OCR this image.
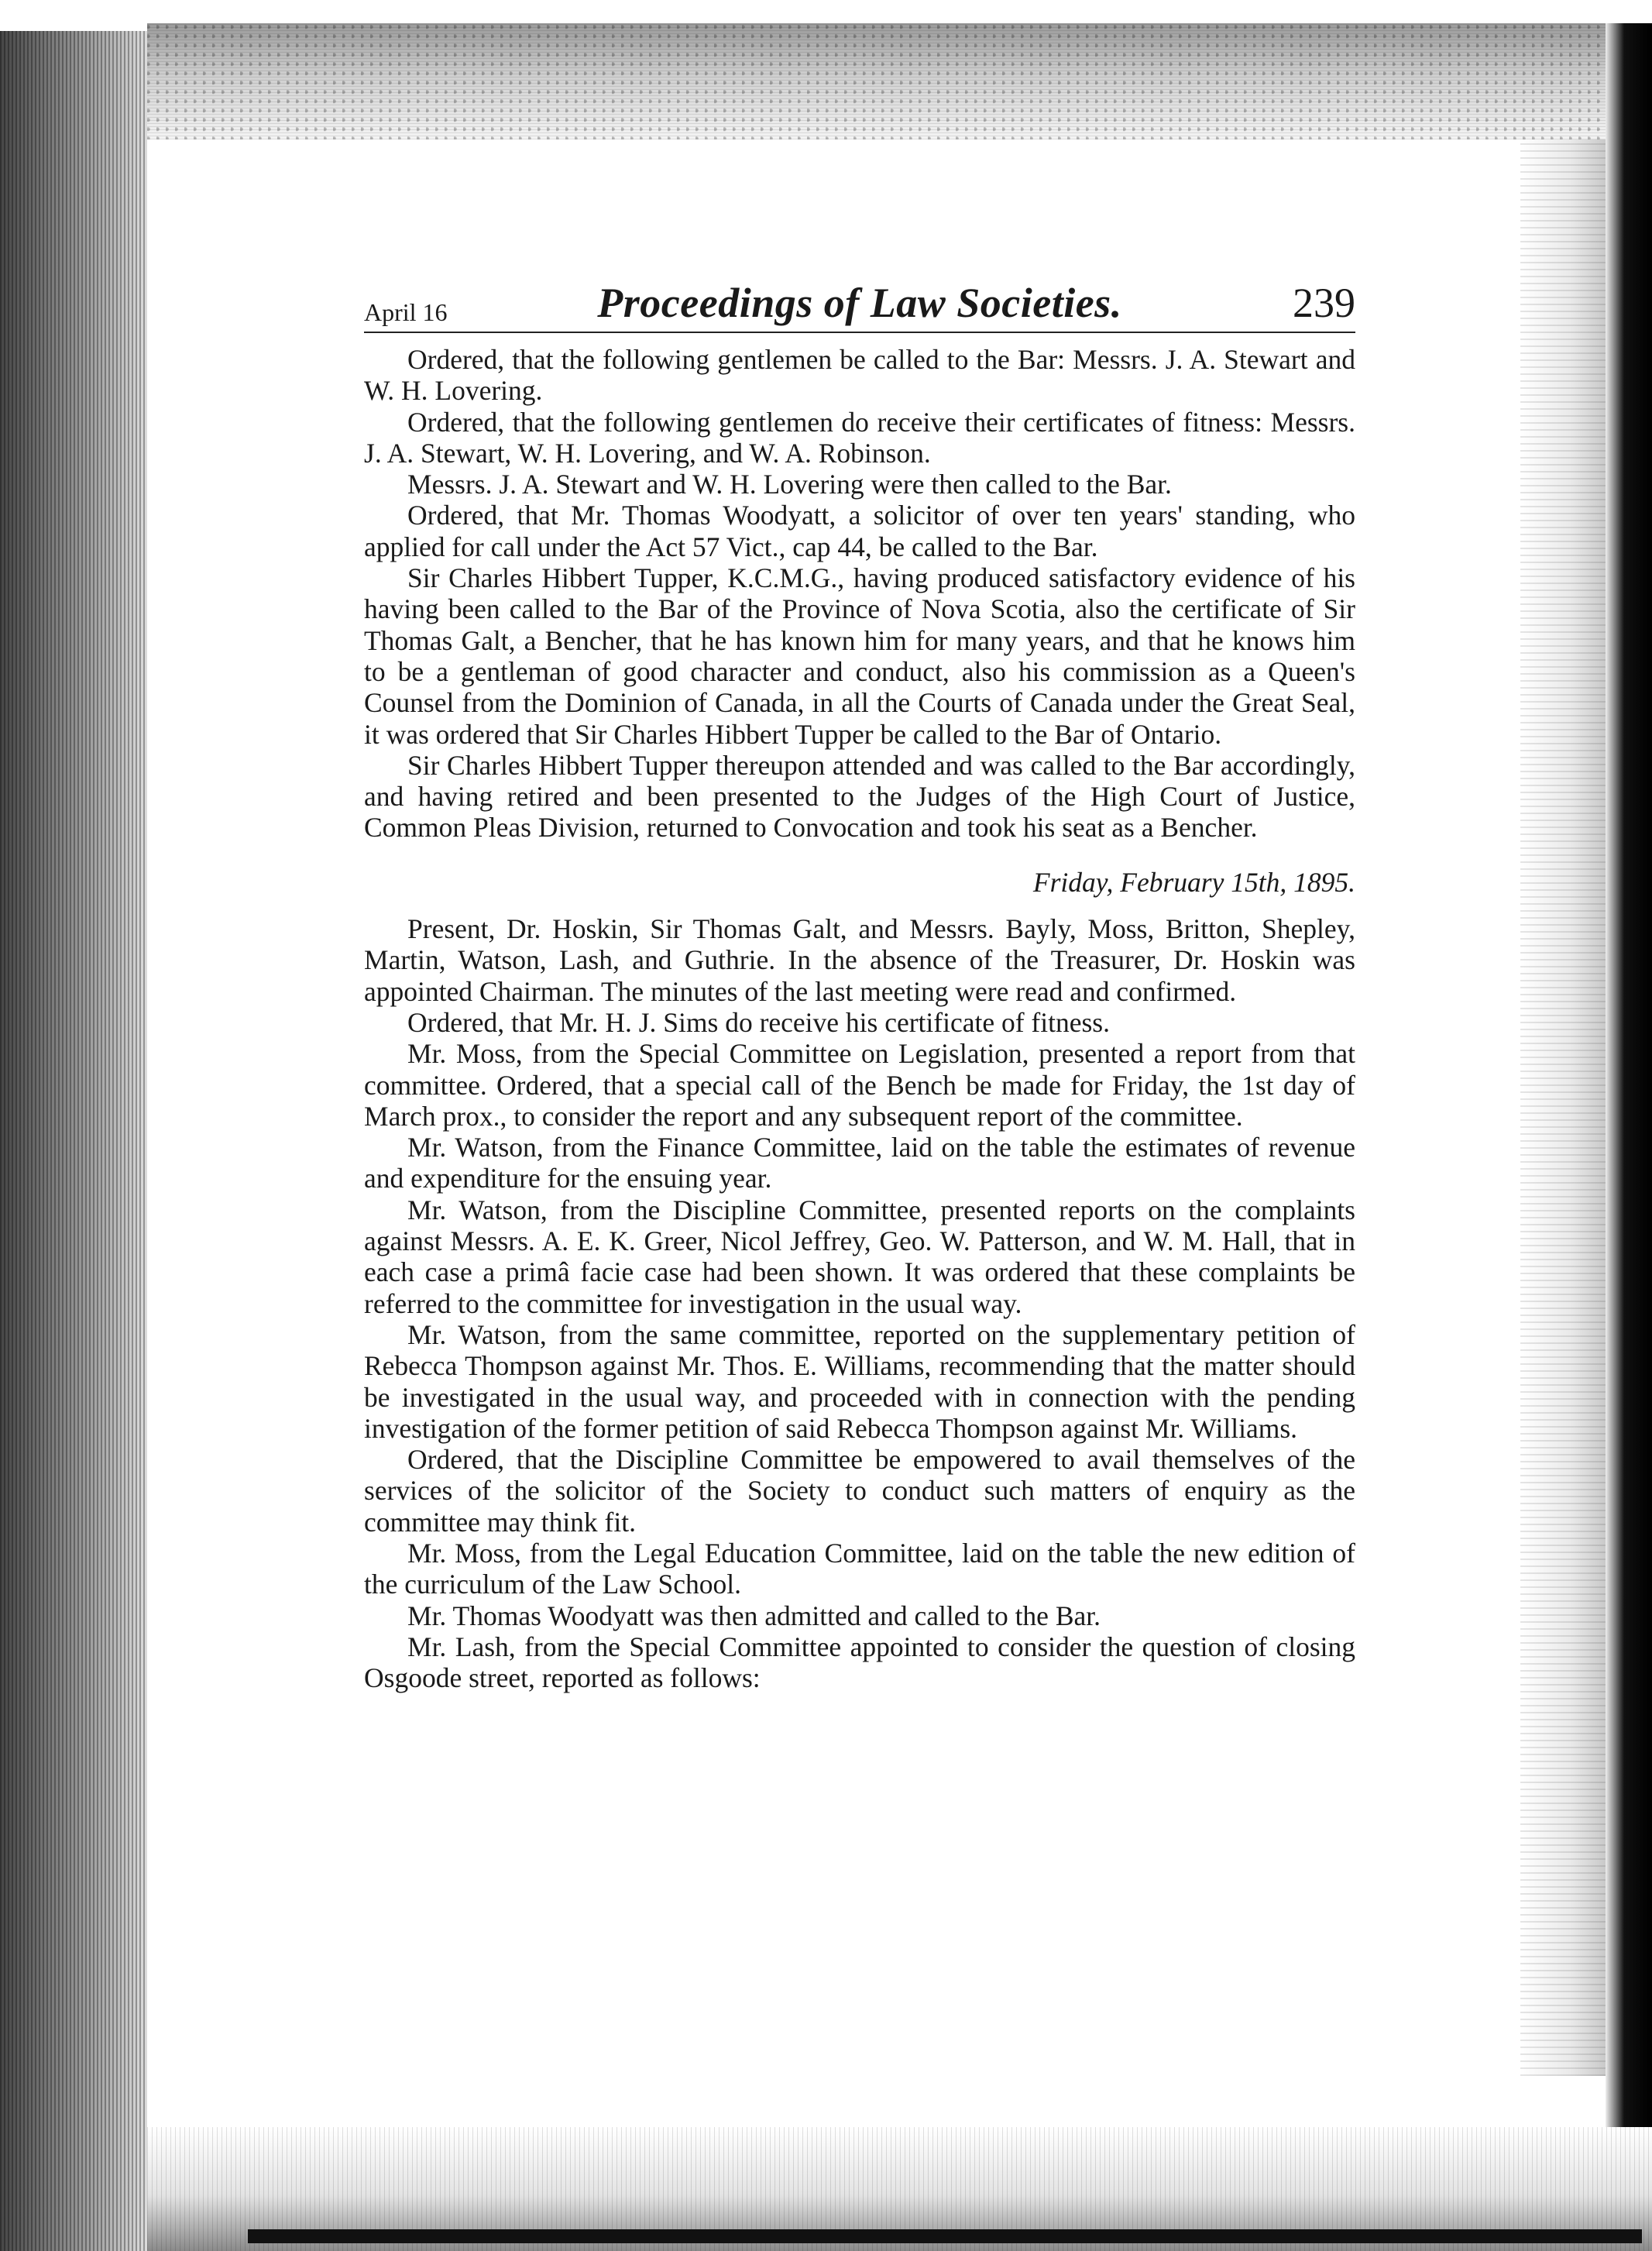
April 16	Proceedings of Law Societies.	239

Ordered, that the following gentlemen be called to the Bar: Messrs. J. A. Stewart and W. H. Lovering.

Ordered, that the following gentlemen do receive their certificates of fitness: Messrs. J. A. Stewart, W. H. Lovering, and W. A. Robinson.

Messrs. J. A. Stewart and W. H. Lovering were then called to the Bar.

Ordered, that Mr. Thomas Woodyatt, a solicitor of over ten years' standing, who applied for call under the Act 57 Vict., cap 44, be called to the Bar.

Sir Charles Hibbert Tupper, K.C.M.G., having produced satisfactory evidence of his having been called to the Bar of the Province of Nova Scotia, also the certificate of Sir Thomas Galt, a Bencher, that he has known him for many years, and that he knows him to be a gentleman of good character and conduct, also his commission as a Queen's Counsel from the Dominion of Canada, in all the Courts of Canada under the Great Seal, it was ordered that Sir Charles Hibbert Tupper be called to the Bar of Ontario.

Sir Charles Hibbert Tupper thereupon attended and was called to the Bar accordingly, and having retired and been presented to the Judges of the High Court of Justice, Common Pleas Division, returned to Convocation and took his seat as a Bencher.

Friday, February 15th, 1895.

Present, Dr. Hoskin, Sir Thomas Galt, and Messrs. Bayly, Moss, Britton, Shepley, Martin, Watson, Lash, and Guthrie. In the absence of the Treasurer, Dr. Hoskin was appointed Chairman. The minutes of the last meeting were read and confirmed.

Ordered, that Mr. H. J. Sims do receive his certificate of fitness.

Mr. Moss, from the Special Committee on Legislation, presented a report from that committee. Ordered, that a special call of the Bench be made for Friday, the 1st day of March prox., to consider the report and any subsequent report of the committee.

Mr. Watson, from the Finance Committee, laid on the table the estimates of revenue and expenditure for the ensuing year.

Mr. Watson, from the Discipline Committee, presented reports on the complaints against Messrs. A. E. K. Greer, Nicol Jeffrey, Geo. W. Patterson, and W. M. Hall, that in each case a primâ facie case had been shown. It was ordered that these complaints be referred to the committee for investigation in the usual way.

Mr. Watson, from the same committee, reported on the supplementary petition of Rebecca Thompson against Mr. Thos. E. Williams, recommending that the matter should be investigated in the usual way, and proceeded with in connection with the pending investigation of the former petition of said Rebecca Thompson against Mr. Williams.

Ordered, that the Discipline Committee be empowered to avail themselves of the services of the solicitor of the Society to conduct such matters of enquiry as the committee may think fit.

Mr. Moss, from the Legal Education Committee, laid on the table the new edition of the curriculum of the Law School.

Mr. Thomas Woodyatt was then admitted and called to the Bar.

Mr. Lash, from the Special Committee appointed to consider the question of closing Osgoode street, reported as follows:
